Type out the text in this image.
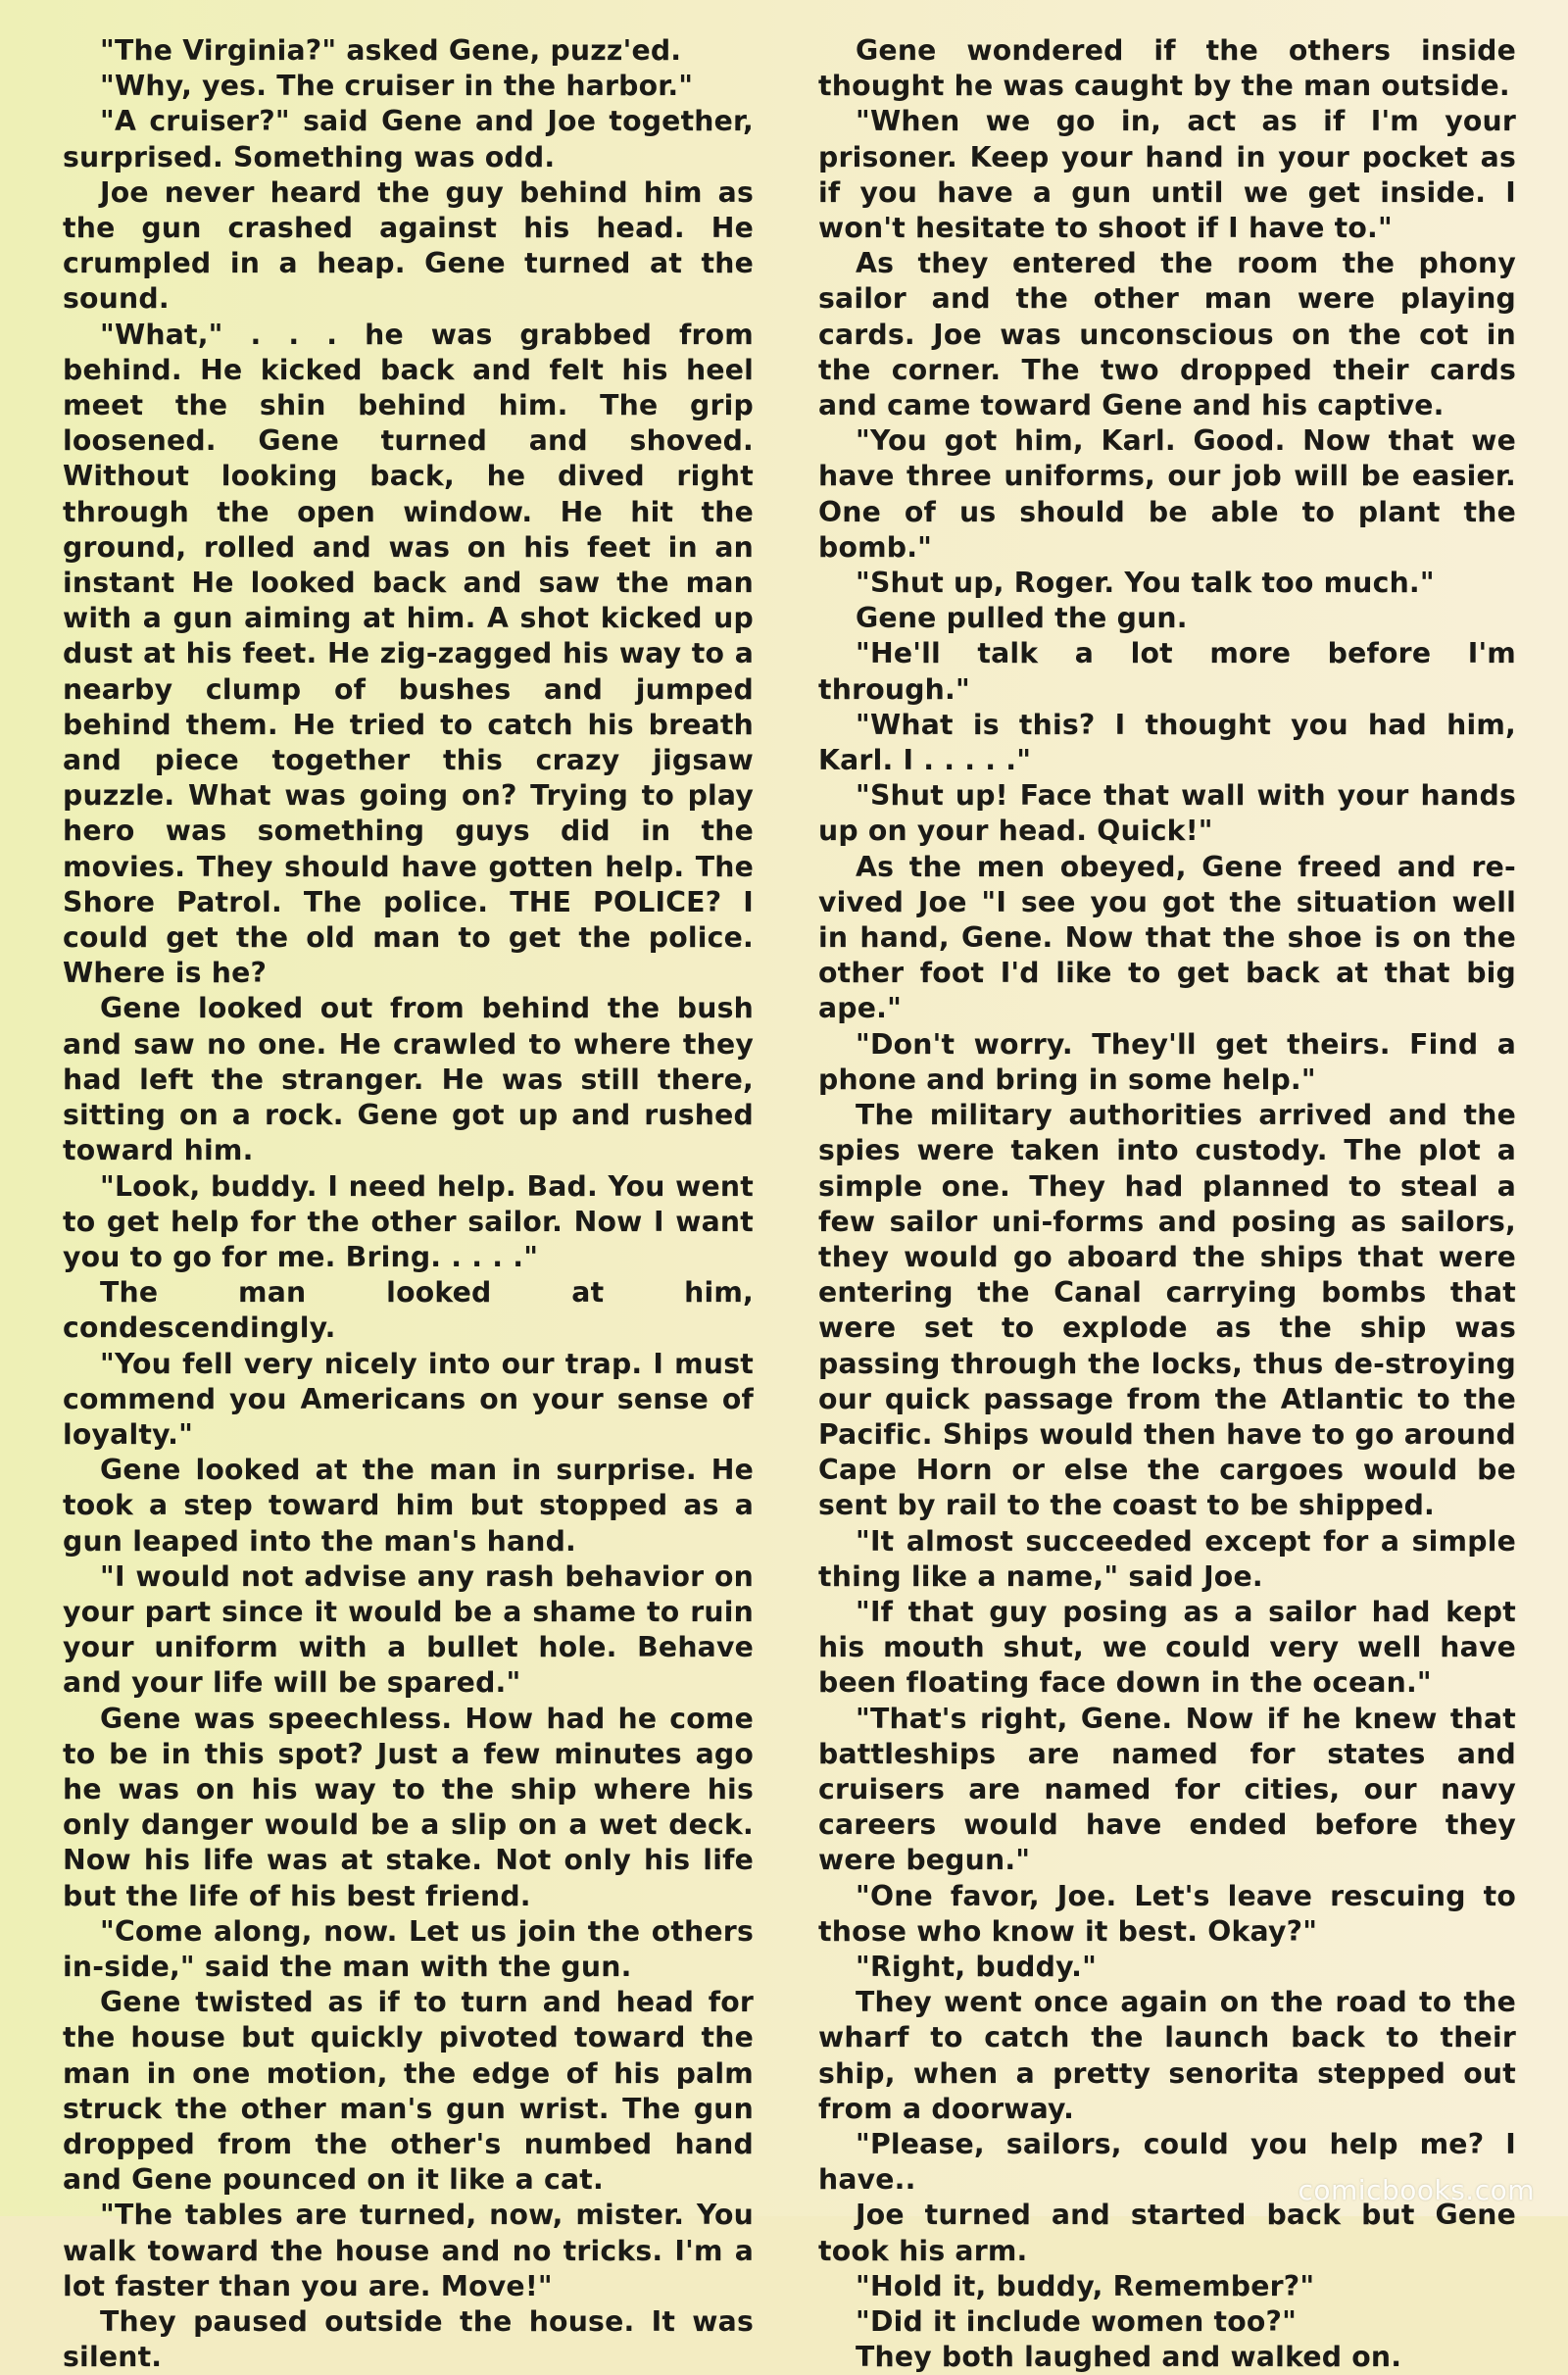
"The Virginia?" asked Gene, puzz'ed.

"Why, yes. The cruiser in the harbor."

"A cruiser?" said Gene and Joe together, surprised. Something was odd.

Joe never heard the guy behind him as the gun crashed against his head. He crumpled in a heap. Gene turned at the sound.

"What," . . . he was grabbed from behind. He kicked back and felt his heel meet the shin behind him. The grip loosened. Gene turned and shoved. Without looking back, he dived right through the open window. He hit the ground, rolled and was on his feet in an instant He looked back and saw the man with a gun aiming at him. A shot kicked up dust at his feet. He zig-zagged his way to a nearby clump of bushes and jumped behind them. He tried to catch his breath and piece together this crazy jigsaw puzzle. What was going on? Trying to play hero was something guys did in the movies. They should have gotten help. The Shore Patrol. The police. THE POLICE? I could get the old man to get the police. Where is he?

Gene looked out from behind the bush and saw no one. He crawled to where they had left the stranger. He was still there, sitting on a rock. Gene got up and rushed toward him.

"Look, buddy. I need help. Bad. You went to get help for the other sailor. Now I want you to go for me. Bring. . . . ."

The man looked at him, condescendingly.

"You fell very nicely into our trap. I must commend you Americans on your sense of loyalty."

Gene looked at the man in surprise. He took a step toward him but stopped as a gun leaped into the man's hand.

"I would not advise any rash behavior on your part since it would be a shame to ruin your uniform with a bullet hole. Behave and your life will be spared."

Gene was speechless. How had he come to be in this spot? Just a few minutes ago he was on his way to the ship where his only danger would be a slip on a wet deck. Now his life was at stake. Not only his life but the life of his best friend.

"Come along, now. Let us join the others in-side," said the man with the gun.

Gene twisted as if to turn and head for the house but quickly pivoted toward the man in one motion, the edge of his palm struck the other man's gun wrist. The gun dropped from the other's numbed hand and Gene pounced on it like a cat.

"The tables are turned, now, mister. You walk toward the house and no tricks. I'm a lot faster than you are. Move!"

They paused outside the house. It was silent.

Gene wondered if the others inside thought he was caught by the man outside.

"When we go in, act as if I'm your prisoner. Keep your hand in your pocket as if you have a gun until we get inside. I won't hesitate to shoot if I have to."

As they entered the room the phony sailor and the other man were playing cards. Joe was unconscious on the cot in the corner. The two dropped their cards and came toward Gene and his captive.

"You got him, Karl. Good. Now that we have three uniforms, our job will be easier. One of us should be able to plant the bomb."

"Shut up, Roger. You talk too much."

Gene pulled the gun.

"He'll talk a lot more before I'm through."

"What is this? I thought you had him, Karl. I . . . . ."

"Shut up! Face that wall with your hands up on your head. Quick!"

As the men obeyed, Gene freed and re-vived Joe "I see you got the situation well in hand, Gene. Now that the shoe is on the other foot I'd like to get back at that big ape."

"Don't worry. They'll get theirs. Find a phone and bring in some help."

The military authorities arrived and the spies were taken into custody. The plot a simple one. They had planned to steal a few sailor uni-forms and posing as sailors, they would go aboard the ships that were entering the Canal carrying bombs that were set to explode as the ship was passing through the locks, thus de-stroying our quick passage from the Atlantic to the Pacific. Ships would then have to go around Cape Horn or else the cargoes would be sent by rail to the coast to be shipped.

"It almost succeeded except for a simple thing like a name," said Joe.

"If that guy posing as a sailor had kept his mouth shut, we could very well have been floating face down in the ocean."

"That's right, Gene. Now if he knew that battleships are named for states and cruisers are named for cities, our navy careers would have ended before they were begun."

"One favor, Joe. Let's leave rescuing to those who know it best. Okay?"

"Right, buddy."

They went once again on the road to the wharf to catch the launch back to their ship, when a pretty senorita stepped out from a doorway.

"Please, sailors, could you help me? I have..

Joe turned and started back but Gene took his arm.

"Hold it, buddy, Remember?"

"Did it include women too?"

They both laughed and walked on.

comicbooks.com
